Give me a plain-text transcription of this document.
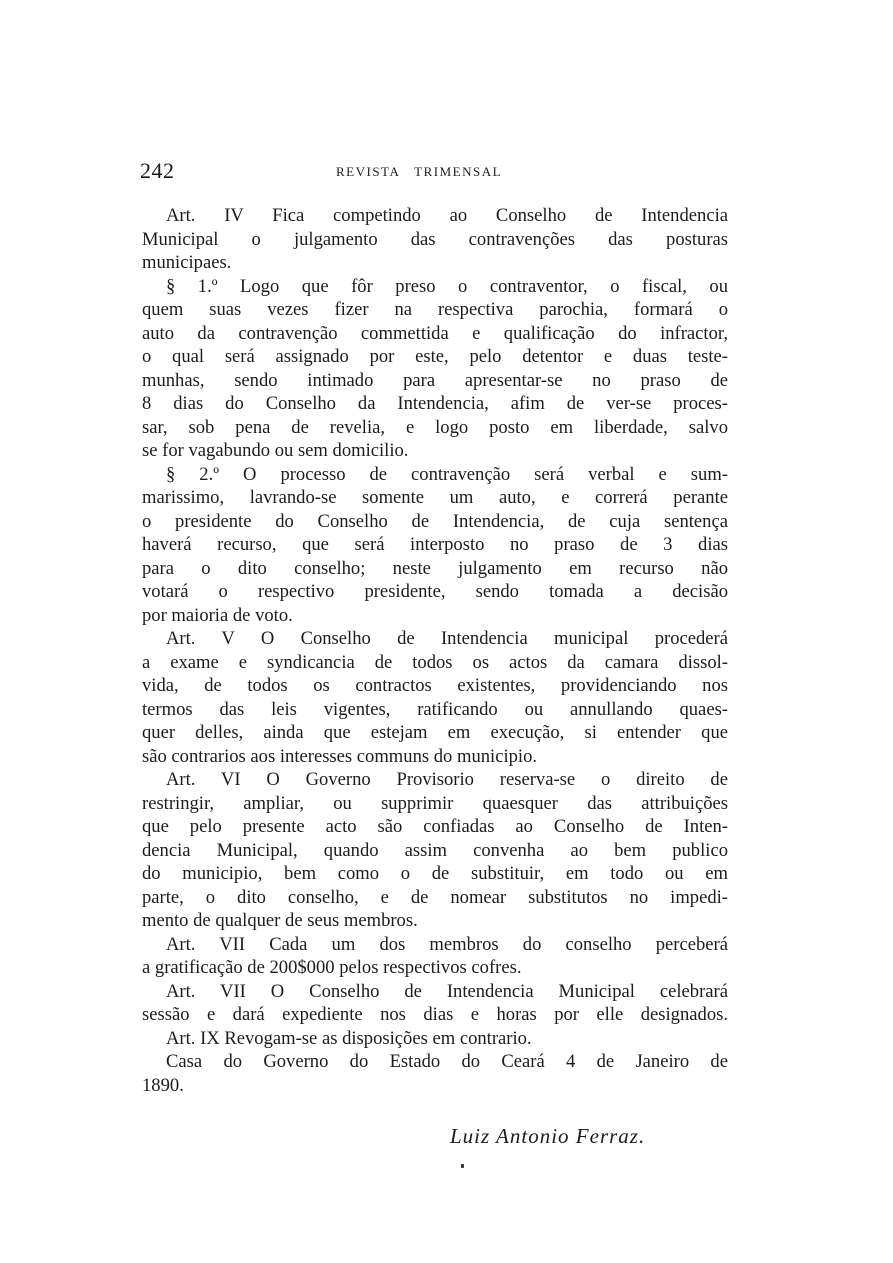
242	REVISTA TRIMENSAL
Art. IV Fica competindo ao Conselho de Intendencia
Municipal o julgamento das contravenções das posturas
municipaes.
§ 1.º Logo que fôr preso o contraventor, o fiscal, ou
quem suas vezes fizer na respectiva parochia, formará o
auto da contravenção commettida e qualificação do infractor,
o qual será assignado por este, pelo detentor e duas teste-
munhas, sendo intimado para apresentar-se no praso de
8 dias do Conselho da Intendencia, afim de ver-se proces-
sar, sob pena de revelia, e logo posto em liberdade, salvo
se for vagabundo ou sem domicilio.
§ 2.º O processo de contravenção será verbal e sum-
marissimo, lavrando-se somente um auto, e correrá perante
o presidente do Conselho de Intendencia, de cuja sentença
haverá recurso, que será interposto no praso de 3 dias
para o dito conselho; neste julgamento em recurso não
votará o respectivo presidente, sendo tomada a decisão
por maioria de voto.
Art. V O Conselho de Intendencia municipal procederá
a exame e syndicancia de todos os actos da camara dissol-
vida, de todos os contractos existentes, providenciando nos
termos das leis vigentes, ratificando ou annullando quaes-
quer delles, ainda que estejam em execução, si entender que
são contrarios aos interesses communs do municipio.
Art. VI O Governo Provisorio reserva-se o direito de
restringir, ampliar, ou supprimir quaesquer das attribuições
que pelo presente acto são confiadas ao Conselho de Inten-
dencia Municipal, quando assim convenha ao bem publico
do municipio, bem como o de substituir, em todo ou em
parte, o dito conselho, e de nomear substitutos no impedi-
mento de qualquer de seus membros.
Art. VII Cada um dos membros do conselho perceberá
a gratificação de 200$000 pelos respectivos cofres.
Art. VII O Conselho de Intendencia Municipal celebrará
sessão e dará expediente nos dias e horas por elle designados.
Art. IX Revogam-se as disposições em contrario.
Casa do Governo do Estado do Ceará 4 de Janeiro de
1890.
Luiz Antonio Ferraz.
